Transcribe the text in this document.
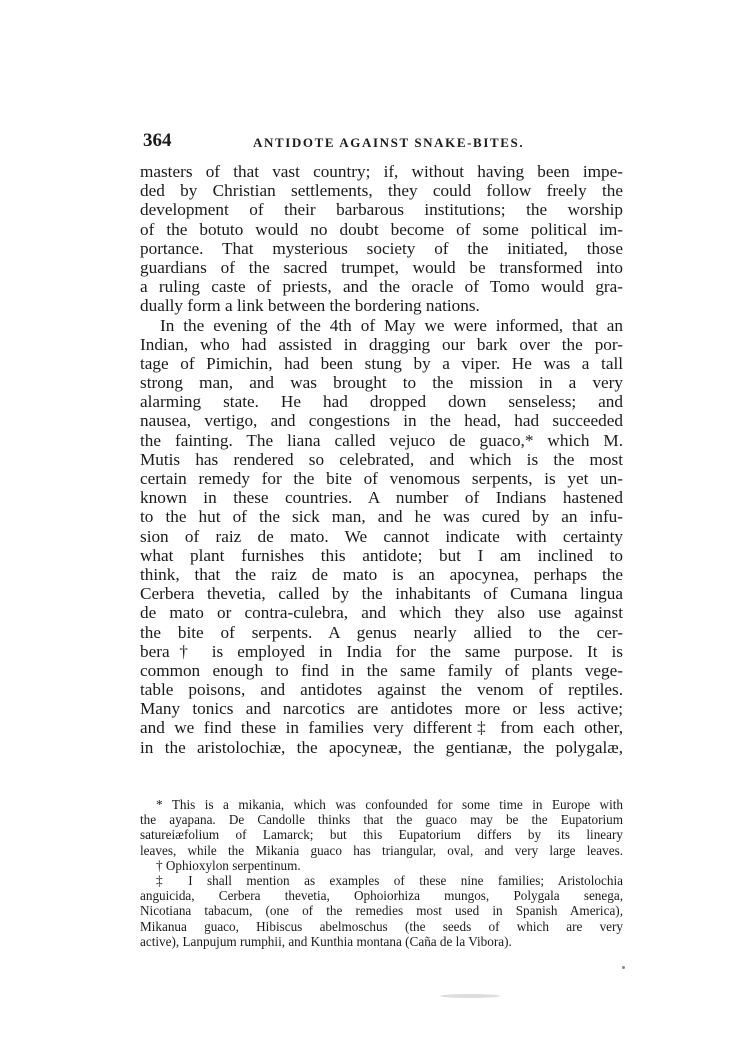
364	ANTIDOTE AGAINST SNAKE-BITES.
masters of that vast country; if, without having been impe-
ded by Christian settlements, they could follow freely the
development of their barbarous institutions; the worship
of the botuto would no doubt become of some political im-
portance. That mysterious society of the initiated, those
guardians of the sacred trumpet, would be transformed into
a ruling caste of priests, and the oracle of Tomo would gra-
dually form a link between the bordering nations.
In the evening of the 4th of May we were informed, that an
Indian, who had assisted in dragging our bark over the por-
tage of Pimichin, had been stung by a viper. He was a tall
strong man, and was brought to the mission in a very
alarming state. He had dropped down senseless; and
nausea, vertigo, and congestions in the head, had succeeded
the fainting. The liana called vejuco de guaco,* which M.
Mutis has rendered so celebrated, and which is the most
certain remedy for the bite of venomous serpents, is yet un-
known in these countries. A number of Indians hastened
to the hut of the sick man, and he was cured by an infu-
sion of raiz de mato. We cannot indicate with certainty
what plant furnishes this antidote; but I am inclined to
think, that the raiz de mato is an apocynea, perhaps the
Cerbera thevetia, called by the inhabitants of Cumana lingua
de mato or contra-culebra, and which they also use against
the bite of serpents. A genus nearly allied to the cer-
bera† is employed in India for the same purpose. It is
common enough to find in the same family of plants vege-
table poisons, and antidotes against the venom of reptiles.
Many tonics and narcotics are antidotes more or less active;
and we find these in families very different‡ from each other,
in the aristolochiæ, the apocyneæ, the gentianæ, the polygalæ,
* This is a mikania, which was confounded for some time in Europe with
the ayapana. De Candolle thinks that the guaco may be the Eupatorium
satureiæfolium of Lamarck; but this Eupatorium differs by its lineary
leaves, while the Mikania guaco has triangular, oval, and very large leaves.
† Ophioxylon serpentinum.
‡ I shall mention as examples of these nine families; Aristolochia
anguicida, Cerbera thevetia, Ophoiorhiza mungos, Polygala senega,
Nicotiana tabacum, (one of the remedies most used in Spanish America),
Mikanua guaco, Hibiscus abelmoschus (the seeds of which are very
active), Lanpujum rumphii, and Kunthia montana (Caña de la Vibora).
